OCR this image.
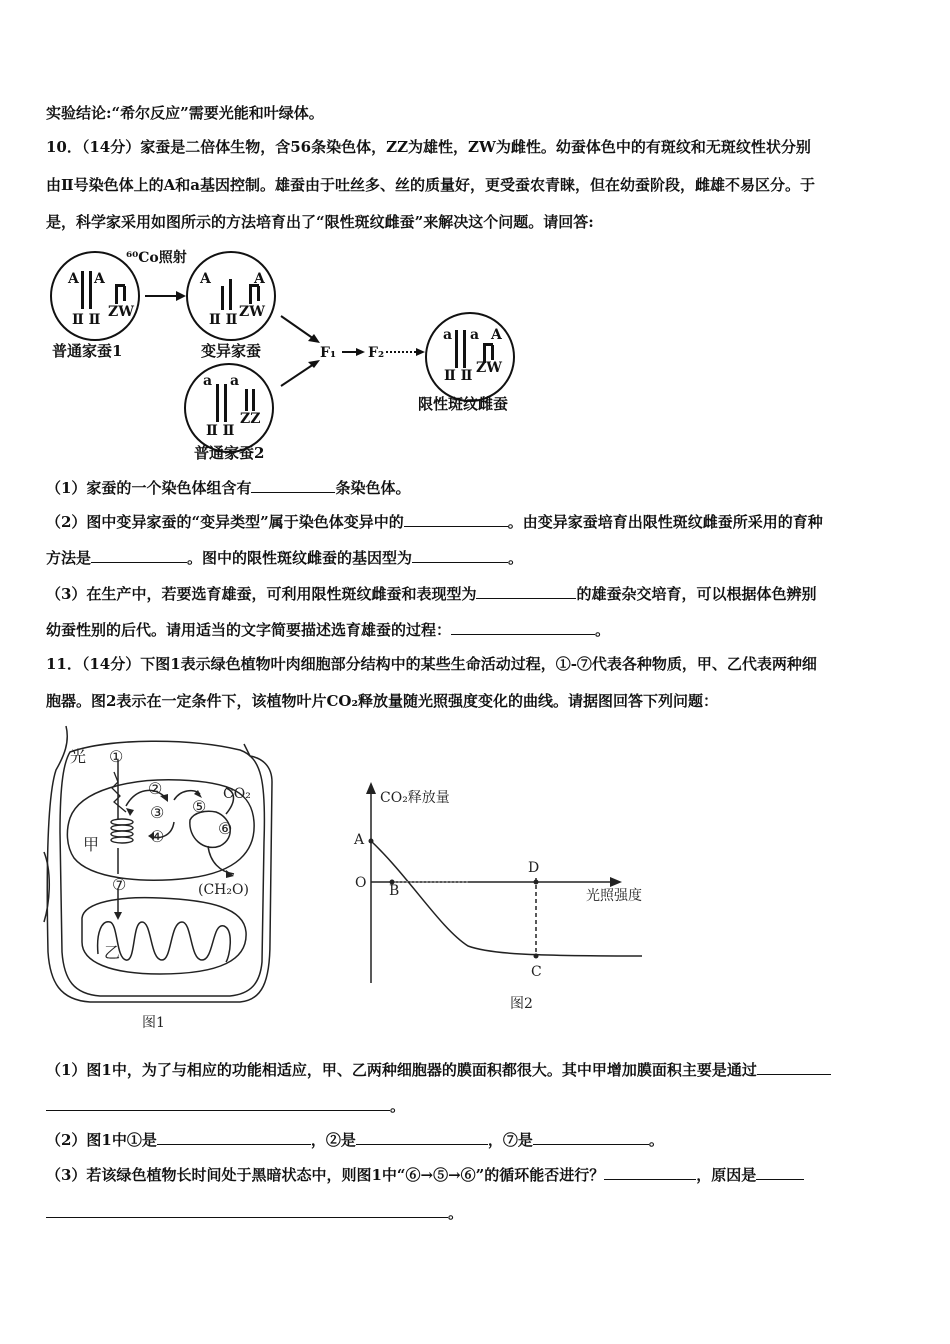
实验结论:“希尔反应”需要光能和叶绿体。
10．（14分）家蚕是二倍体生物，含56条染色体，ZZ为雄性，ZW为雌性。幼蚕体色中的有斑纹和无斑纹性状分别
由Ⅱ号染色体上的A和a基因控制。雄蚕由于吐丝多、丝的质量好，更受蚕农青睐，但在幼蚕阶段，雌雄不易区分。于
是，科学家采用如图所示的方法培育出了“限性斑纹雌蚕”来解决这个问题。请回答:
⁶⁰Co照射
A A
Ⅱ Ⅱ ZW
A	A
Ⅱ Ⅱ ZW
a a
Ⅱ Ⅱ
ZZ
a a A
Ⅱ Ⅱ ZW
F₁ F₂
普通家蚕1	变异家蚕
普通家蚕2
限性斑纹雌蚕
（1）家蚕的一个染色体组含有	条染色体。
（2）图中变异家蚕的“变异类型”属于染色体变异中的	。由变异家蚕培育出限性斑纹雌蚕所采用的育种
方法是	。图中的限性斑纹雌蚕的基因型为	。
（3）在生产中，若要选育雄蚕，可利用限性斑纹雌蚕和表现型为	的雄蚕杂交培育，可以根据体色辨别
幼蚕性别的后代。请用适当的文字简要描述选育雄蚕的过程：	。
11．（14分）下图1表示绿色植物叶肉细胞部分结构中的某些生命活动过程，①-⑦代表各种物质，甲、乙代表两种细
胞器。图2表示在一定条件下，该植物叶片CO₂释放量随光照强度变化的曲线。请据图回答下列问题：
光 ①
②
③
④
⑤
⑥
⑦
甲
乙
CO₂
(CH₂O)
图1
CO₂释放量
光照强度
A
O B
D
C
图2
（1）图1中，为了与相应的功能相适应，甲、乙两种细胞器的膜面积都很大。其中甲增加膜面积主要是通过
。
（2）图1中①是	，②是	，⑦是	。
（3）若该绿色植物长时间处于黑暗状态中，则图1中“⑥→⑤→⑥”的循环能否进行？	，原因是
。
